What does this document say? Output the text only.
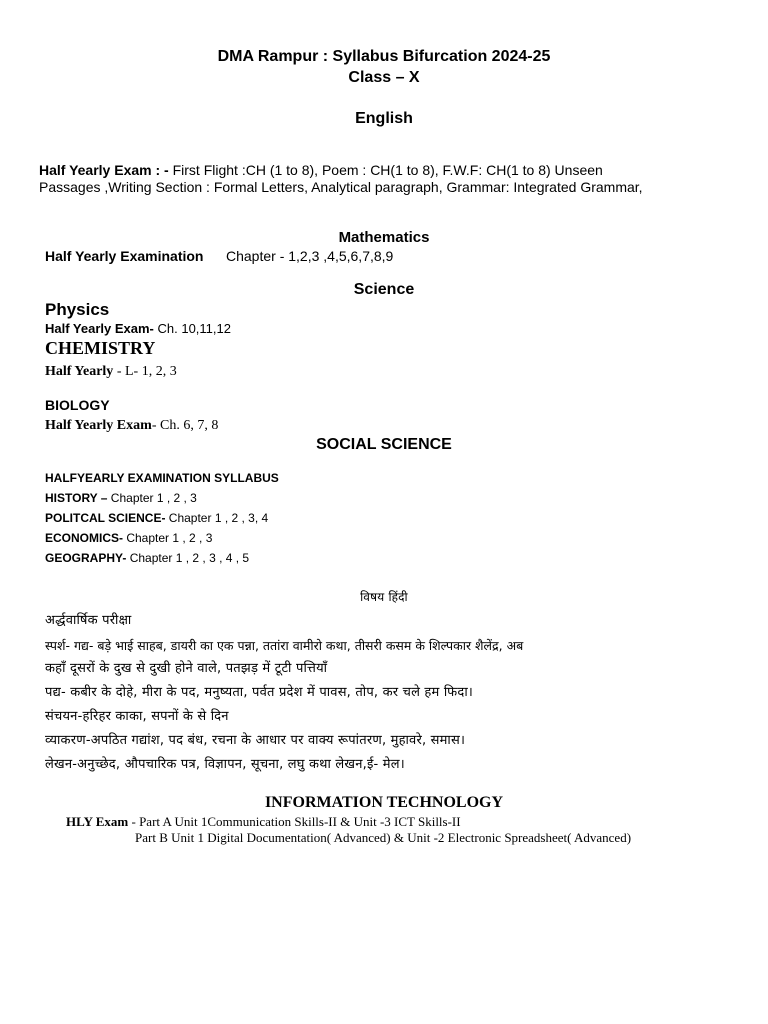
DMA Rampur : Syllabus Bifurcation 2024-25
Class – X
English
Half Yearly Exam : - First Flight :CH (1 to 8), Poem : CH(1 to 8), F.W.F: CH(1 to 8) Unseen
Passages ,Writing Section : Formal Letters, Analytical paragraph, Grammar: Integrated Grammar,
Mathematics
Half Yearly Examination Chapter - 1,2,3 ,4,5,6,7,8,9
Science
Physics
Half Yearly Exam- Ch. 10,11,12
CHEMISTRY
Half Yearly - L- 1, 2, 3
BIOLOGY
Half Yearly Exam- Ch. 6, 7, 8
SOCIAL SCIENCE
HALFYEARLY EXAMINATION SYLLABUS
HISTORY – Chapter 1 , 2 , 3
POLITCAL SCIENCE- Chapter 1 , 2 , 3, 4
ECONOMICS- Chapter 1 , 2 , 3
GEOGRAPHY- Chapter 1 , 2 , 3 , 4 , 5
विषय हिंदी
अर्द्धवार्षिक परीक्षा
स्पर्श- गद्य- बड़े भाई साहब, डायरी का एक पन्ना, ततांरा वामीरो कथा, तीसरी कसम के शिल्पकार शैलेंद्र, अब
कहाँ दूसरों के दुख से दुखी होने वाले, पतझड़ में टूटी पत्तियाँ
पद्य- कबीर के दोहे, मीरा के पद, मनुष्यता, पर्वत प्रदेश में पावस, तोप, कर चले हम फिदा।
संचयन-हरिहर काका, सपनों के से दिन
व्याकरण-अपठित गद्यांश, पद बंध, रचना के आधार पर वाक्य रूपांतरण, मुहावरे, समास।
लेखन-अनुच्छेद, औपचारिक पत्र, विज्ञापन, सूचना, लघु कथा लेखन,ई- मेल।
INFORMATION TECHNOLOGY
HLY Exam - Part A Unit 1Communication Skills-II & Unit -3 ICT Skills-II
Part B Unit 1 Digital Documentation( Advanced) & Unit -2 Electronic Spreadsheet( Advanced)
